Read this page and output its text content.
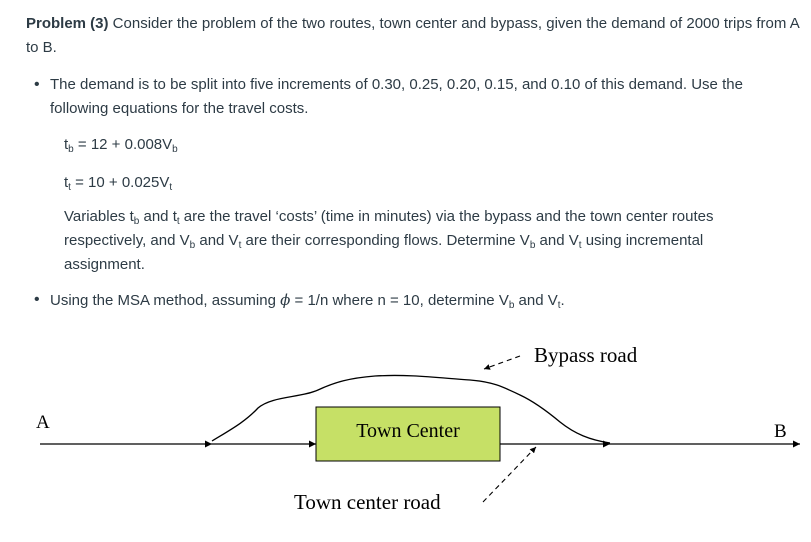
Problem (3) Consider the problem of the two routes, town center and bypass, given the demand of 2000 trips from A to B.

• The demand is to be split into five increments of 0.30, 0.25, 0.20, 0.15, and 0.10 of this demand. Use the following equations for the travel costs.

$t_b = 12 + 0.008V_b$
$t_t = 10 + 0.025V_t$

Variables $t_b$ and $t_t$ are the travel ‘costs’ (time in minutes) via the bypass and the town center routes respectively, and $V_b$ and $V_t$ are their corresponding flows. Determine $V_b$ and $V_t$ using incremental assignment.

• Using the MSA method, assuming ϕ = 1/n where n = 10, determine $V_b$ and $V_t$.

Town Center
A	B
Bypass road
Town center road
